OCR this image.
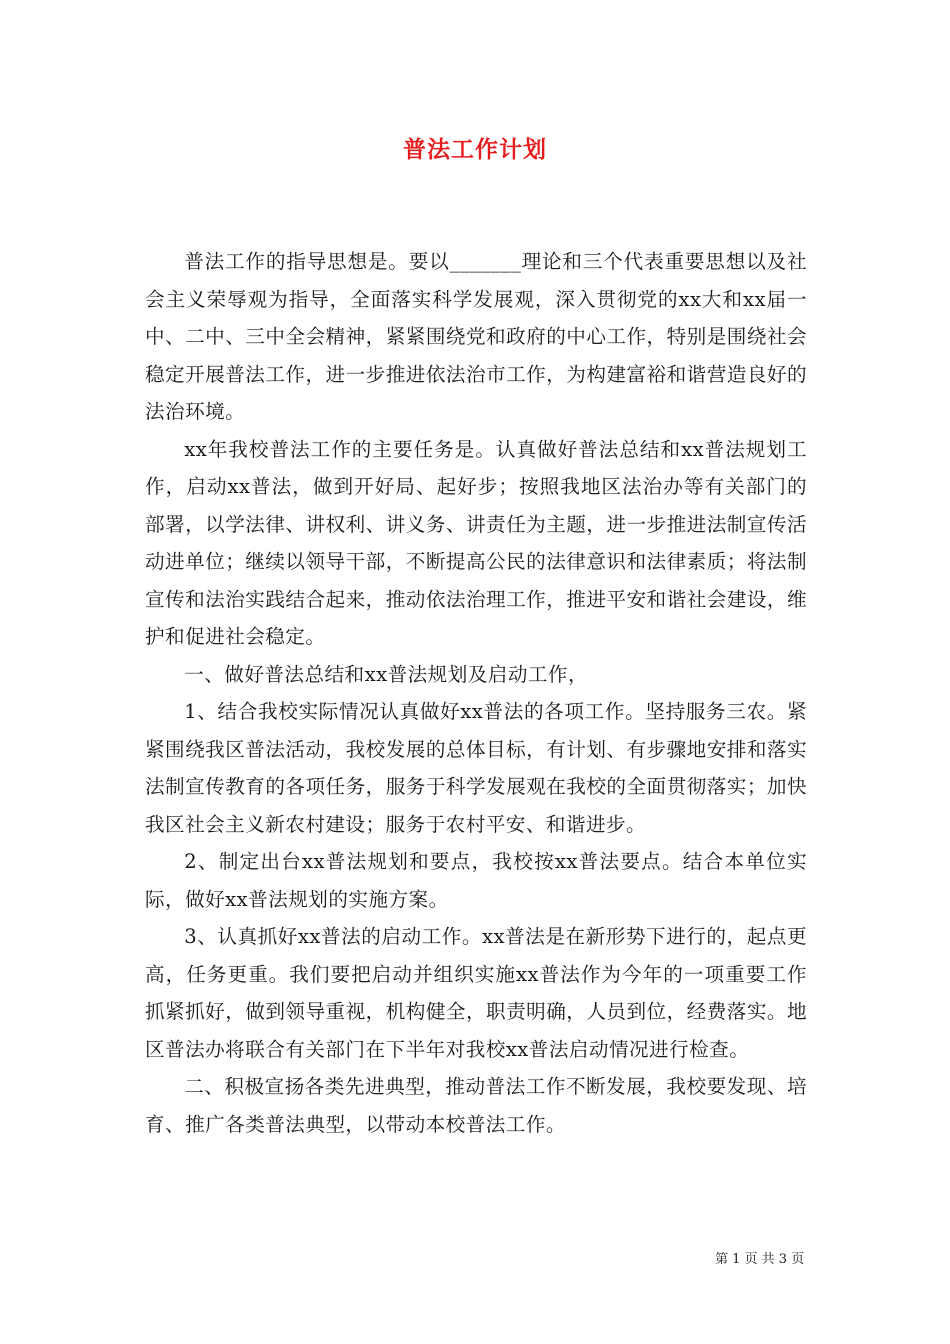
普法工作计划

普法工作的指导思想是。要以_______理论和三个代表重要思想以及社会主义荣辱观为指导，全面落实科学发展观，深入贯彻党的xx大和xx届一中、二中、三中全会精神，紧紧围绕党和政府的中心工作，特别是围绕社会稳定开展普法工作，进一步推进依法治市工作，为构建富裕和谐营造良好的法治环境。

xx年我校普法工作的主要任务是。认真做好普法总结和xx普法规划工作，启动xx普法，做到开好局、起好步；按照我地区法治办等有关部门的部署，以学法律、讲权利、讲义务、讲责任为主题，进一步推进法制宣传活动进单位；继续以领导干部，不断提高公民的法律意识和法律素质；将法制宣传和法治实践结合起来，推动依法治理工作，推进平安和谐社会建设，维护和促进社会稳定。

一、做好普法总结和xx普法规划及启动工作，

1、结合我校实际情况认真做好xx普法的各项工作。坚持服务三农。紧紧围绕我区普法活动，我校发展的总体目标，有计划、有步骤地安排和落实法制宣传教育的各项任务，服务于科学发展观在我校的全面贯彻落实；加快我区社会主义新农村建设；服务于农村平安、和谐进步。

2、制定出台xx普法规划和要点，我校按xx普法要点。结合本单位实际，做好xx普法规划的实施方案。

3、认真抓好xx普法的启动工作。xx普法是在新形势下进行的，起点更高，任务更重。我们要把启动并组织实施xx普法作为今年的一项重要工作抓紧抓好，做到领导重视，机构健全，职责明确，人员到位，经费落实。地区普法办将联合有关部门在下半年对我校xx普法启动情况进行检查。

二、积极宣扬各类先进典型，推动普法工作不断发展，我校要发现、培育、推广各类普法典型，以带动本校普法工作。

第 1 页 共 3 页
